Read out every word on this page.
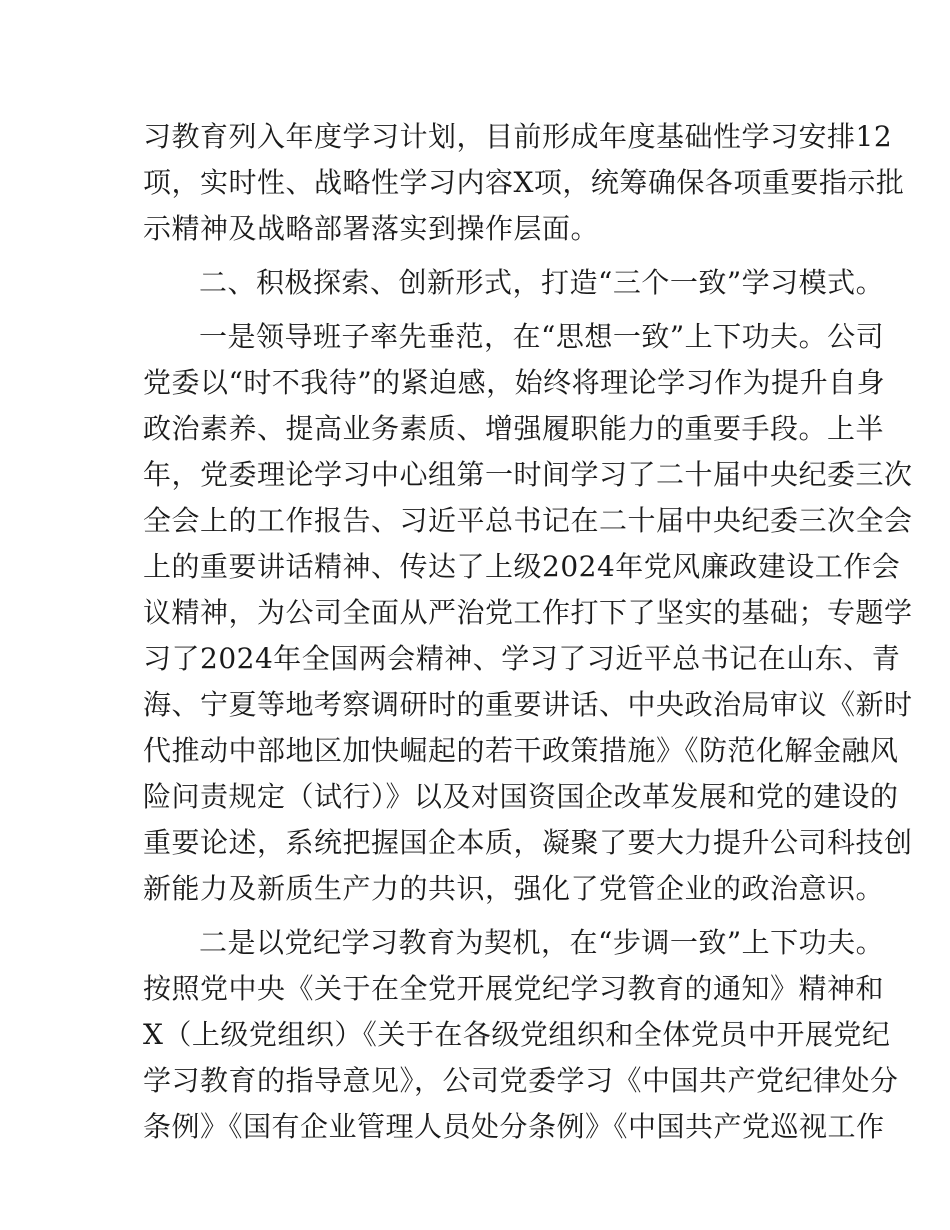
习教育列入年度学习计划，目前形成年度基础性学习安排12
项，实时性、战略性学习内容X项，统筹确保各项重要指示批
示精神及战略部署落实到操作层面。
二、积极探索、创新形式，打造“三个一致”学习模式。
一是领导班子率先垂范，在“思想一致”上下功夫。公司
党委以“时不我待”的紧迫感，始终将理论学习作为提升自身
政治素养、提高业务素质、增强履职能力的重要手段。上半
年，党委理论学习中心组第一时间学习了二十届中央纪委三次
全会上的工作报告、习近平总书记在二十届中央纪委三次全会
上的重要讲话精神、传达了上级2024年党风廉政建设工作会
议精神，为公司全面从严治党工作打下了坚实的基础；专题学
习了2024年全国两会精神、学习了习近平总书记在山东、青
海、宁夏等地考察调研时的重要讲话、中央政治局审议《新时
代推动中部地区加快崛起的若干政策措施》《防范化解金融风
险问责规定（试行）》以及对国资国企改革发展和党的建设的
重要论述，系统把握国企本质，凝聚了要大力提升公司科技创
新能力及新质生产力的共识，强化了党管企业的政治意识。
二是以党纪学习教育为契机，在“步调一致”上下功夫。
按照党中央《关于在全党开展党纪学习教育的通知》精神和
X（上级党组织）《关于在各级党组织和全体党员中开展党纪
学习教育的指导意见》，公司党委学习《中国共产党纪律处分
条例》《国有企业管理人员处分条例》《中国共产党巡视工作
